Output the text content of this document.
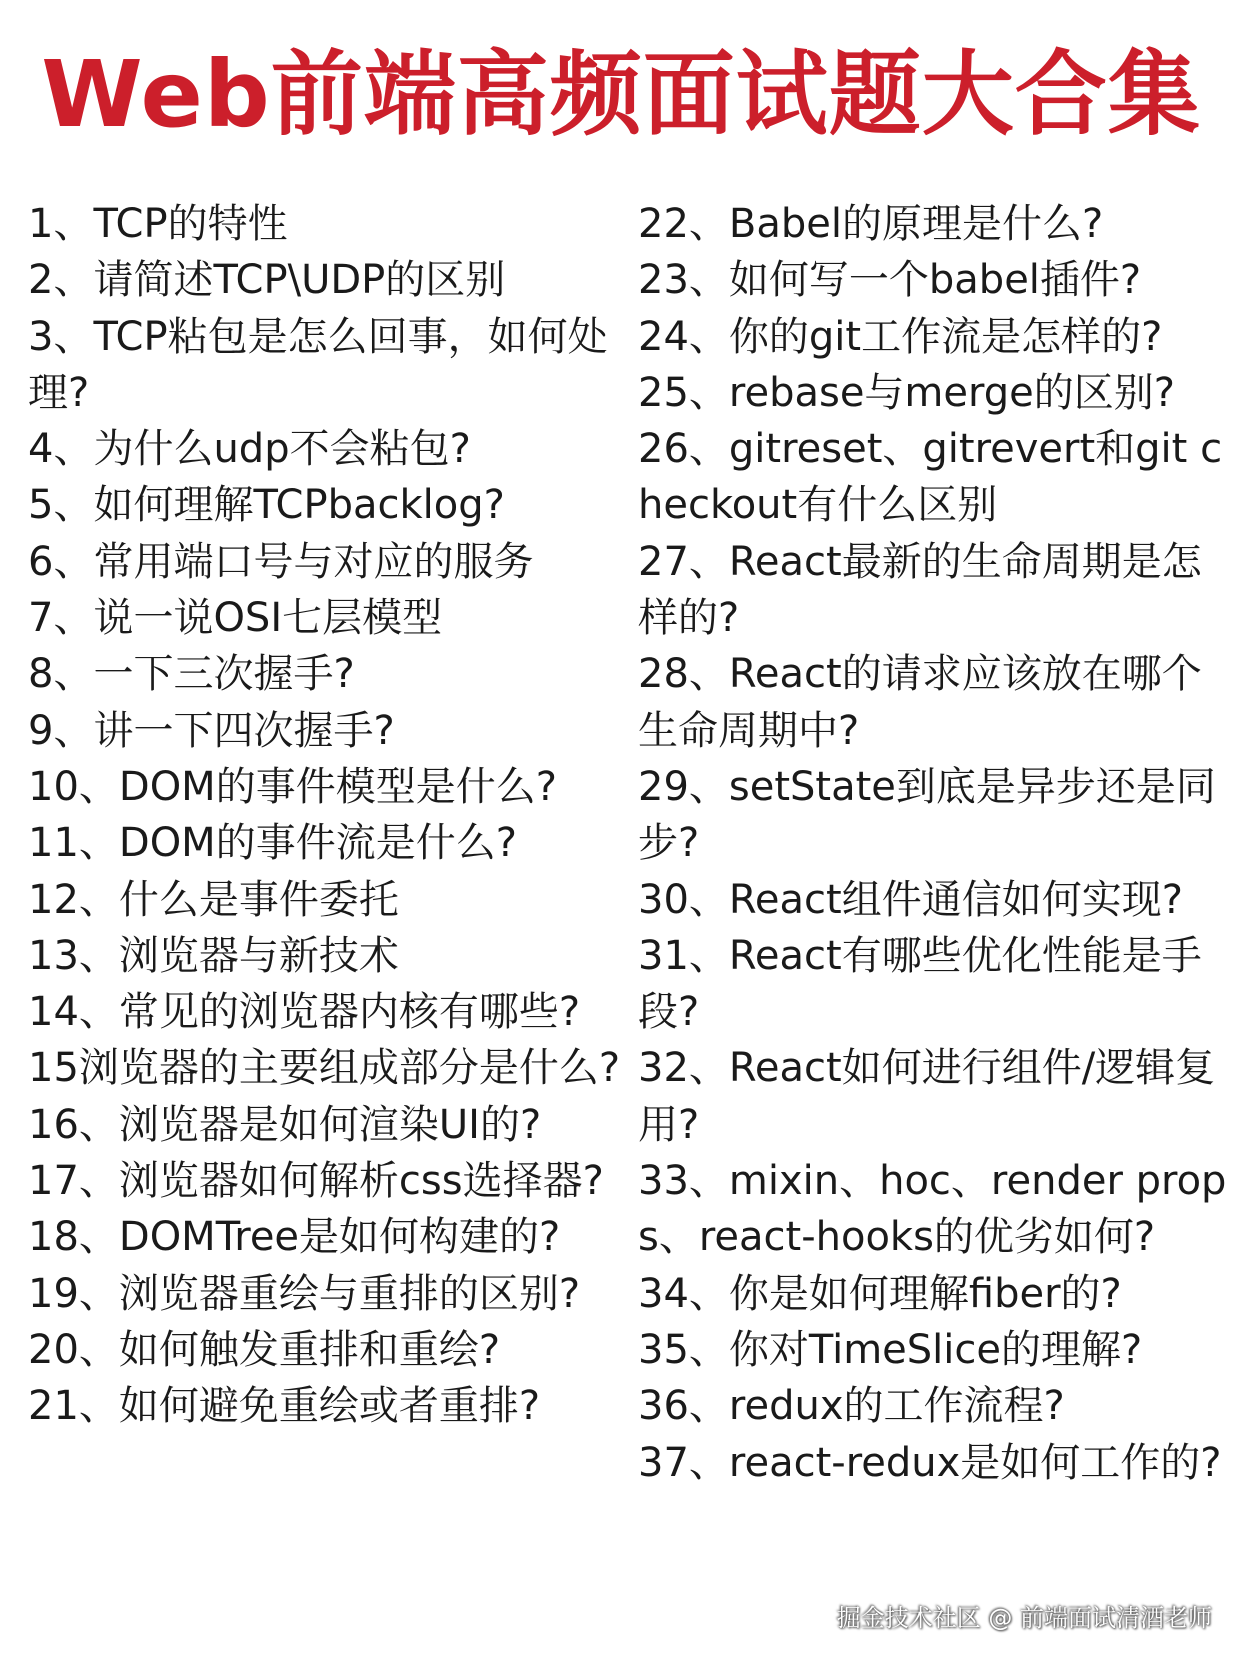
Web前端高频面试题大合集

1、TCP的特性

2、请简述TCP\UDP的区别

3、TCP粘包是怎么回事，如何处理?

4、为什么udp不会粘包?

5、如何理解TCPbacklog?

6、常用端口号与对应的服务

7、说一说OSI七层模型

8、一下三次握手?

9、讲一下四次握手?

10、DOM的事件模型是什么?

11、DOM的事件流是什么?

12、什么是事件委托

13、浏览器与新技术

14、常见的浏览器内核有哪些?

15浏览器的主要组成部分是什么?

16、浏览器是如何渲染UI的?

17、浏览器如何解析css选择器?

18、DOMTree是如何构建的?

19、浏览器重绘与重排的区别?

20、如何触发重排和重绘?

21、如何避免重绘或者重排?

22、Babel的原理是什么?

23、如何写一个babel插件?

24、你的git工作流是怎样的?

25、rebase与merge的区别?

26、gitreset、gitrevert和git checkout有什么区别

27、React最新的生命周期是怎样的?

28、React的请求应该放在哪个生命周期中?

29、setState到底是异步还是同步?

30、React组件通信如何实现?

31、React有哪些优化性能是手段?

32、React如何进行组件/逻辑复用?

33、mixin、hoc、render props、react-hooks的优劣如何?

34、你是如何理解fiber的?

35、你对TimeSlice的理解?

36、redux的工作流程?

37、react-redux是如何工作的?

掘金技术社区 @ 前端面试清酒老师
